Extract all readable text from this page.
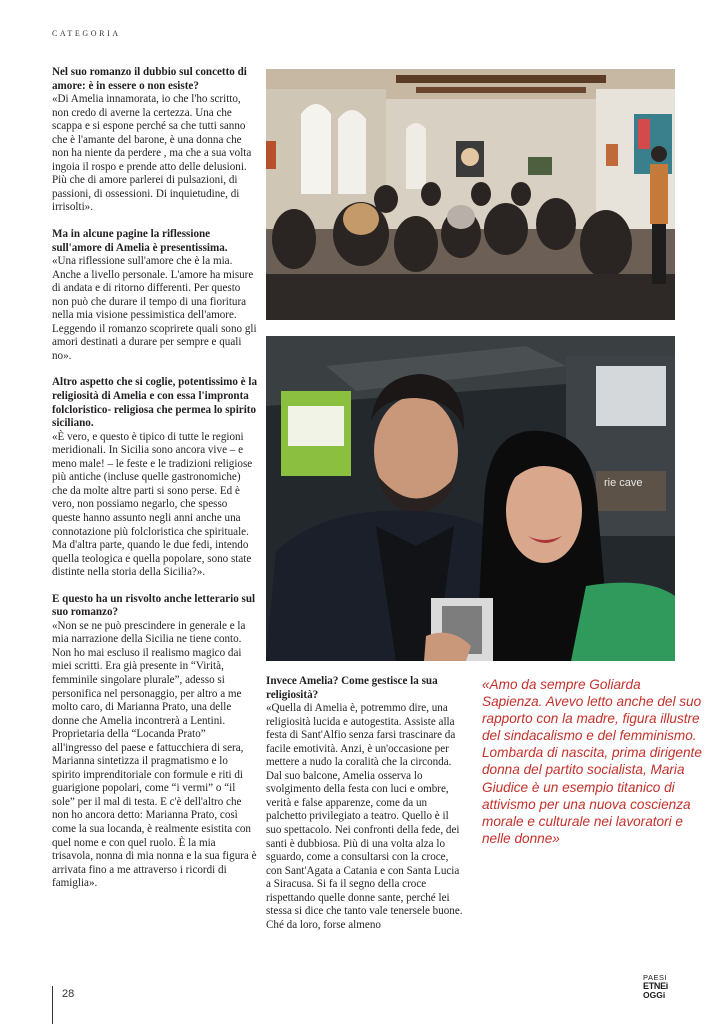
CATEGORIA

Nel suo romanzo il dubbio sul concetto di amore: è in essere o non esiste?

«Di Amelia innamorata, io che l'ho scritto, non credo di averne la certezza. Una che scappa e si espone perché sa che tutti sanno che è l'amante del barone, è una donna che non ha niente da perdere , ma che a sua volta ingoia il rospo e prende atto delle delusioni. Più che di amore parlerei di pulsazioni, di passioni, di ossessioni. Di inquietudine, di irrisolti».

Ma in alcune pagine la riflessione sull'amore di Amelia è presentissima.

«Una riflessione sull'amore che è la mia. Anche a livello personale. L'amore ha misure di andata e di ritorno differenti. Per questo non può che durare il tempo di una fioritura nella mia visione pessimistica dell'amore. Leggendo il romanzo scoprirete quali sono gli amori destinati a durare per sempre e quali no».

Altro aspetto che si coglie, potentissimo è la religiosità di Amelia e con essa l'impronta folcloristico- religiosa che permea lo spirito siciliano.

«È vero, e questo è tipico di tutte le regioni meridionali. In Sicilia sono ancora vive – e meno male! – le feste e le tradizioni religiose più antiche (incluse quelle gastronomiche) che da molte altre parti si sono perse. Ed è vero, non possiamo negarlo, che spesso queste hanno assunto negli anni anche una connotazione più folcloristica che spirituale. Ma d'altra parte, quando le due fedi, intendo quella teologica e quella popolare, sono state distinte nella storia della Sicilia?».

E questo ha un risvolto anche letterario sul suo romanzo?

«Non se ne può prescindere in generale e la mia narrazione della Sicilia ne tiene conto. Non ho mai escluso il realismo magico dai miei scritti. Era già presente in “Virità, femminile singolare plurale”, adesso si personifica nel personaggio, per altro a me molto caro, di Marianna Prato, una delle donne che Amelia incontrerà a Lentini. Proprietaria della “Locanda Prato” all'ingresso del paese e fattucchiera di sera, Marianna sintetizza il pragmatismo e lo spirito imprenditoriale con formule e riti di guarigione popolari, come “i vermi” o “il sole” per il mal di testa. E c'è dell'altro che non ho ancora detto: Marianna Prato, così come la sua locanda, è realmente esistita con quel nome e con quel ruolo. È la mia trisavola, nonna di mia nonna e la sua figura è arrivata fino a me attraverso i ricordi di famiglia».

rie cave

Invece Amelia? Come gestisce la sua religiosità?

«Quella di Amelia è, potremmo dire, una religiosità lucida e autogestita. Assiste alla festa di Sant'Alfio senza farsi trascinare da facile emotività. Anzi, è un'occasione per mettere a nudo la coralità che la circonda. Dal suo balcone, Amelia osserva lo svolgimento della festa con luci e ombre, verità e false apparenze, come da un palchetto privilegiato a teatro. Quello è il suo spettacolo. Nei confronti della fede, dei santi è dubbiosa. Più di una volta alza lo sguardo, come a consultarsi con la croce, con Sant'Agata a Catania e con Santa Lucia a Siracusa. Si fa il segno della croce rispettando quelle donne sante, perché lei stessa si dice che tanto vale tenersele buone. Ché da loro, forse almeno

«Amo da sempre Goliarda Sapienza. Avevo letto anche del suo rapporto con la madre, figura illustre del sindacalismo e del femminismo. Lombarda di nascita, prima dirigente donna del partito socialista, Maria Giudice è un esempio titanico di attivismo per una nuova coscienza morale e culturale nei lavoratori e nelle donne»
28
PAESI
ETNEi
OGGi
